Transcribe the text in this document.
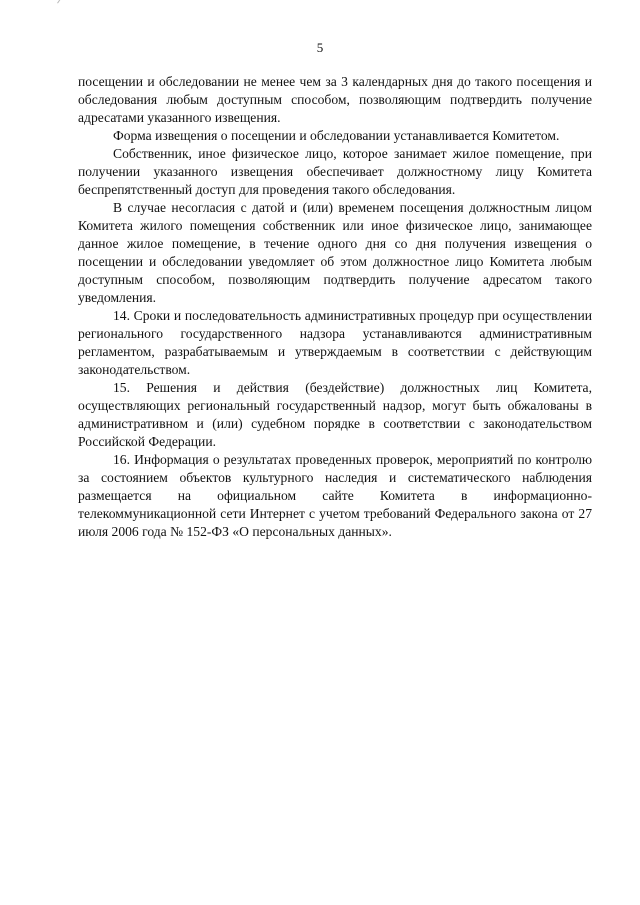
5

посещении и обследовании не менее чем за 3 календарных дня до такого посещения и обследования любым доступным способом, позволяющим подтвердить получение адресатами указанного извещения.

Форма извещения о посещении и обследовании устанавливается Комитетом.

Собственник, иное физическое лицо, которое занимает жилое помещение, при получении указанного извещения обеспечивает должностному лицу Комитета беспрепятственный доступ для проведения такого обследования.

В случае несогласия с датой и (или) временем посещения должностным лицом Комитета жилого помещения собственник или иное физическое лицо, занимающее данное жилое помещение, в течение одного дня со дня получения извещения о посещении и обследовании уведомляет об этом должностное лицо Комитета любым доступным способом, позволяющим подтвердить получение адресатом такого уведомления.

14. Сроки и последовательность административных процедур при осуществлении регионального государственного надзора устанавливаются административным регламентом, разрабатываемым и утверждаемым в соответствии с действующим законодательством.

15. Решения и действия (бездействие) должностных лиц Комитета, осуществляющих региональный государственный надзор, могут быть обжалованы в административном и (или) судебном порядке в соответствии с законодательством Российской Федерации.

16. Информация о результатах проведенных проверок, мероприятий по контролю за состоянием объектов культурного наследия и систематического наблюдения размещается на официальном сайте Комитета в информационно-телекоммуникационной сети Интернет с учетом требований Федерального закона от 27 июля 2006 года № 152-ФЗ «О персональных данных».
